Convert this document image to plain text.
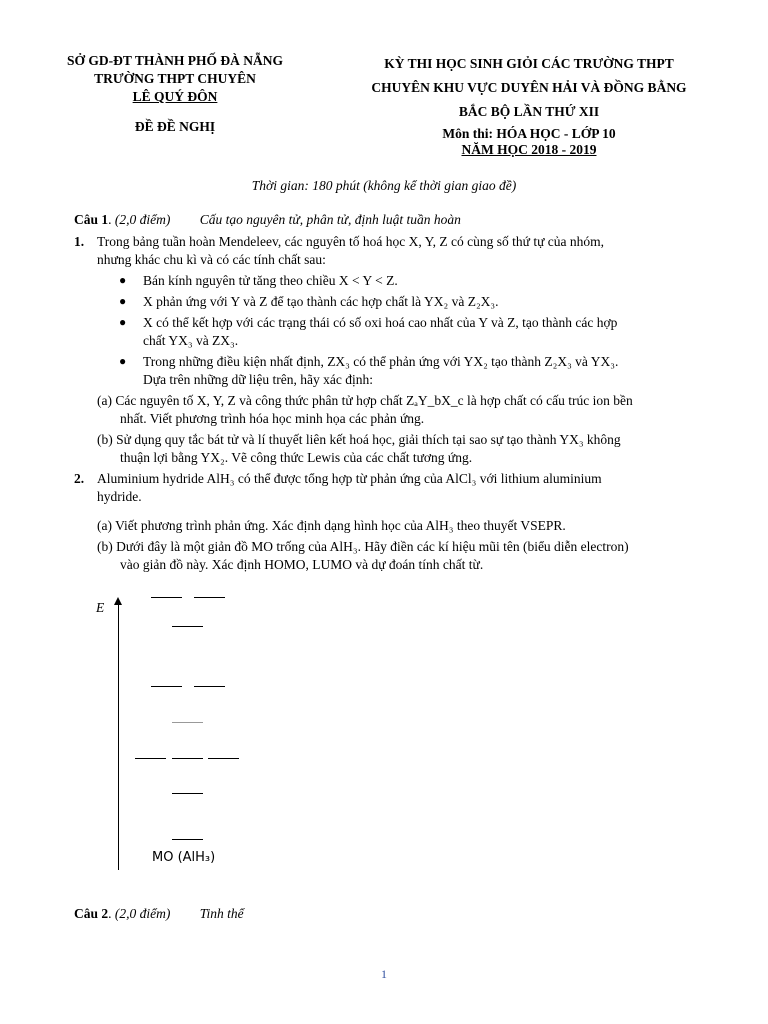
SỞ GD-ĐT THÀNH PHỐ ĐÀ NẴNG
TRƯỜNG THPT CHUYÊN
LÊ QUÝ ĐÔN
ĐỀ ĐỀ NGHỊ
KỲ THI HỌC SINH GIỎI CÁC TRƯỜNG THPT
CHUYÊN KHU VỰC DUYÊN HẢI VÀ ĐỒNG BẰNG
BẮC BỘ LẦN THỨ XII
Môn thi: HÓA HỌC - LỚP 10
NĂM HỌC 2018 - 2019
Thời gian: 180 phút (không kể thời gian giao đề)
Câu 1. (2,0 điểm) Cấu tạo nguyên tử, phân tử, định luật tuần hoàn
1. Trong bảng tuần hoàn Mendeleev, các nguyên tố hoá học X, Y, Z có cùng số thứ tự của nhóm,
nhưng khác chu kì và có các tính chất sau:
● Bán kính nguyên tử tăng theo chiều X < Y < Z.
● X phản ứng với Y và Z để tạo thành các hợp chất là YX₂ và Z₂X₃.
● X có thể kết hợp với các trạng thái có số oxi hoá cao nhất của Y và Z, tạo thành các hợp
chất YX₃ và ZX₃.
● Trong những điều kiện nhất định, ZX₃ có thể phản ứng với YX₂ tạo thành Z₂X₃ và YX₃.
Dựa trên những dữ liệu trên, hãy xác định:
(a) Các nguyên tố X, Y, Z và công thức phân tử hợp chất ZₐY_bX_c là hợp chất có cấu trúc ion bền
nhất. Viết phương trình hóa học minh họa các phản ứng.
(b) Sử dụng quy tắc bát tử và lí thuyết liên kết hoá học, giải thích tại sao sự tạo thành YX₃ không
thuận lợi bằng YX₂. Vẽ công thức Lewis của các chất tương ứng.
2. Aluminium hydride AlH₃ có thể được tổng hợp từ phản ứng của AlCl₃ với lithium aluminium
hydride.
(a) Viết phương trình phản ứng. Xác định dạng hình học của AlH₃ theo thuyết VSEPR.
(b) Dưới đây là một giản đồ MO trống của AlH₃. Hãy điền các kí hiệu mũi tên (biểu diễn electron)
vào giản đồ này. Xác định HOMO, LUMO và dự đoán tính chất từ.
E
MO (AlH₃)
Câu 2. (2,0 điểm) Tinh thể
1
